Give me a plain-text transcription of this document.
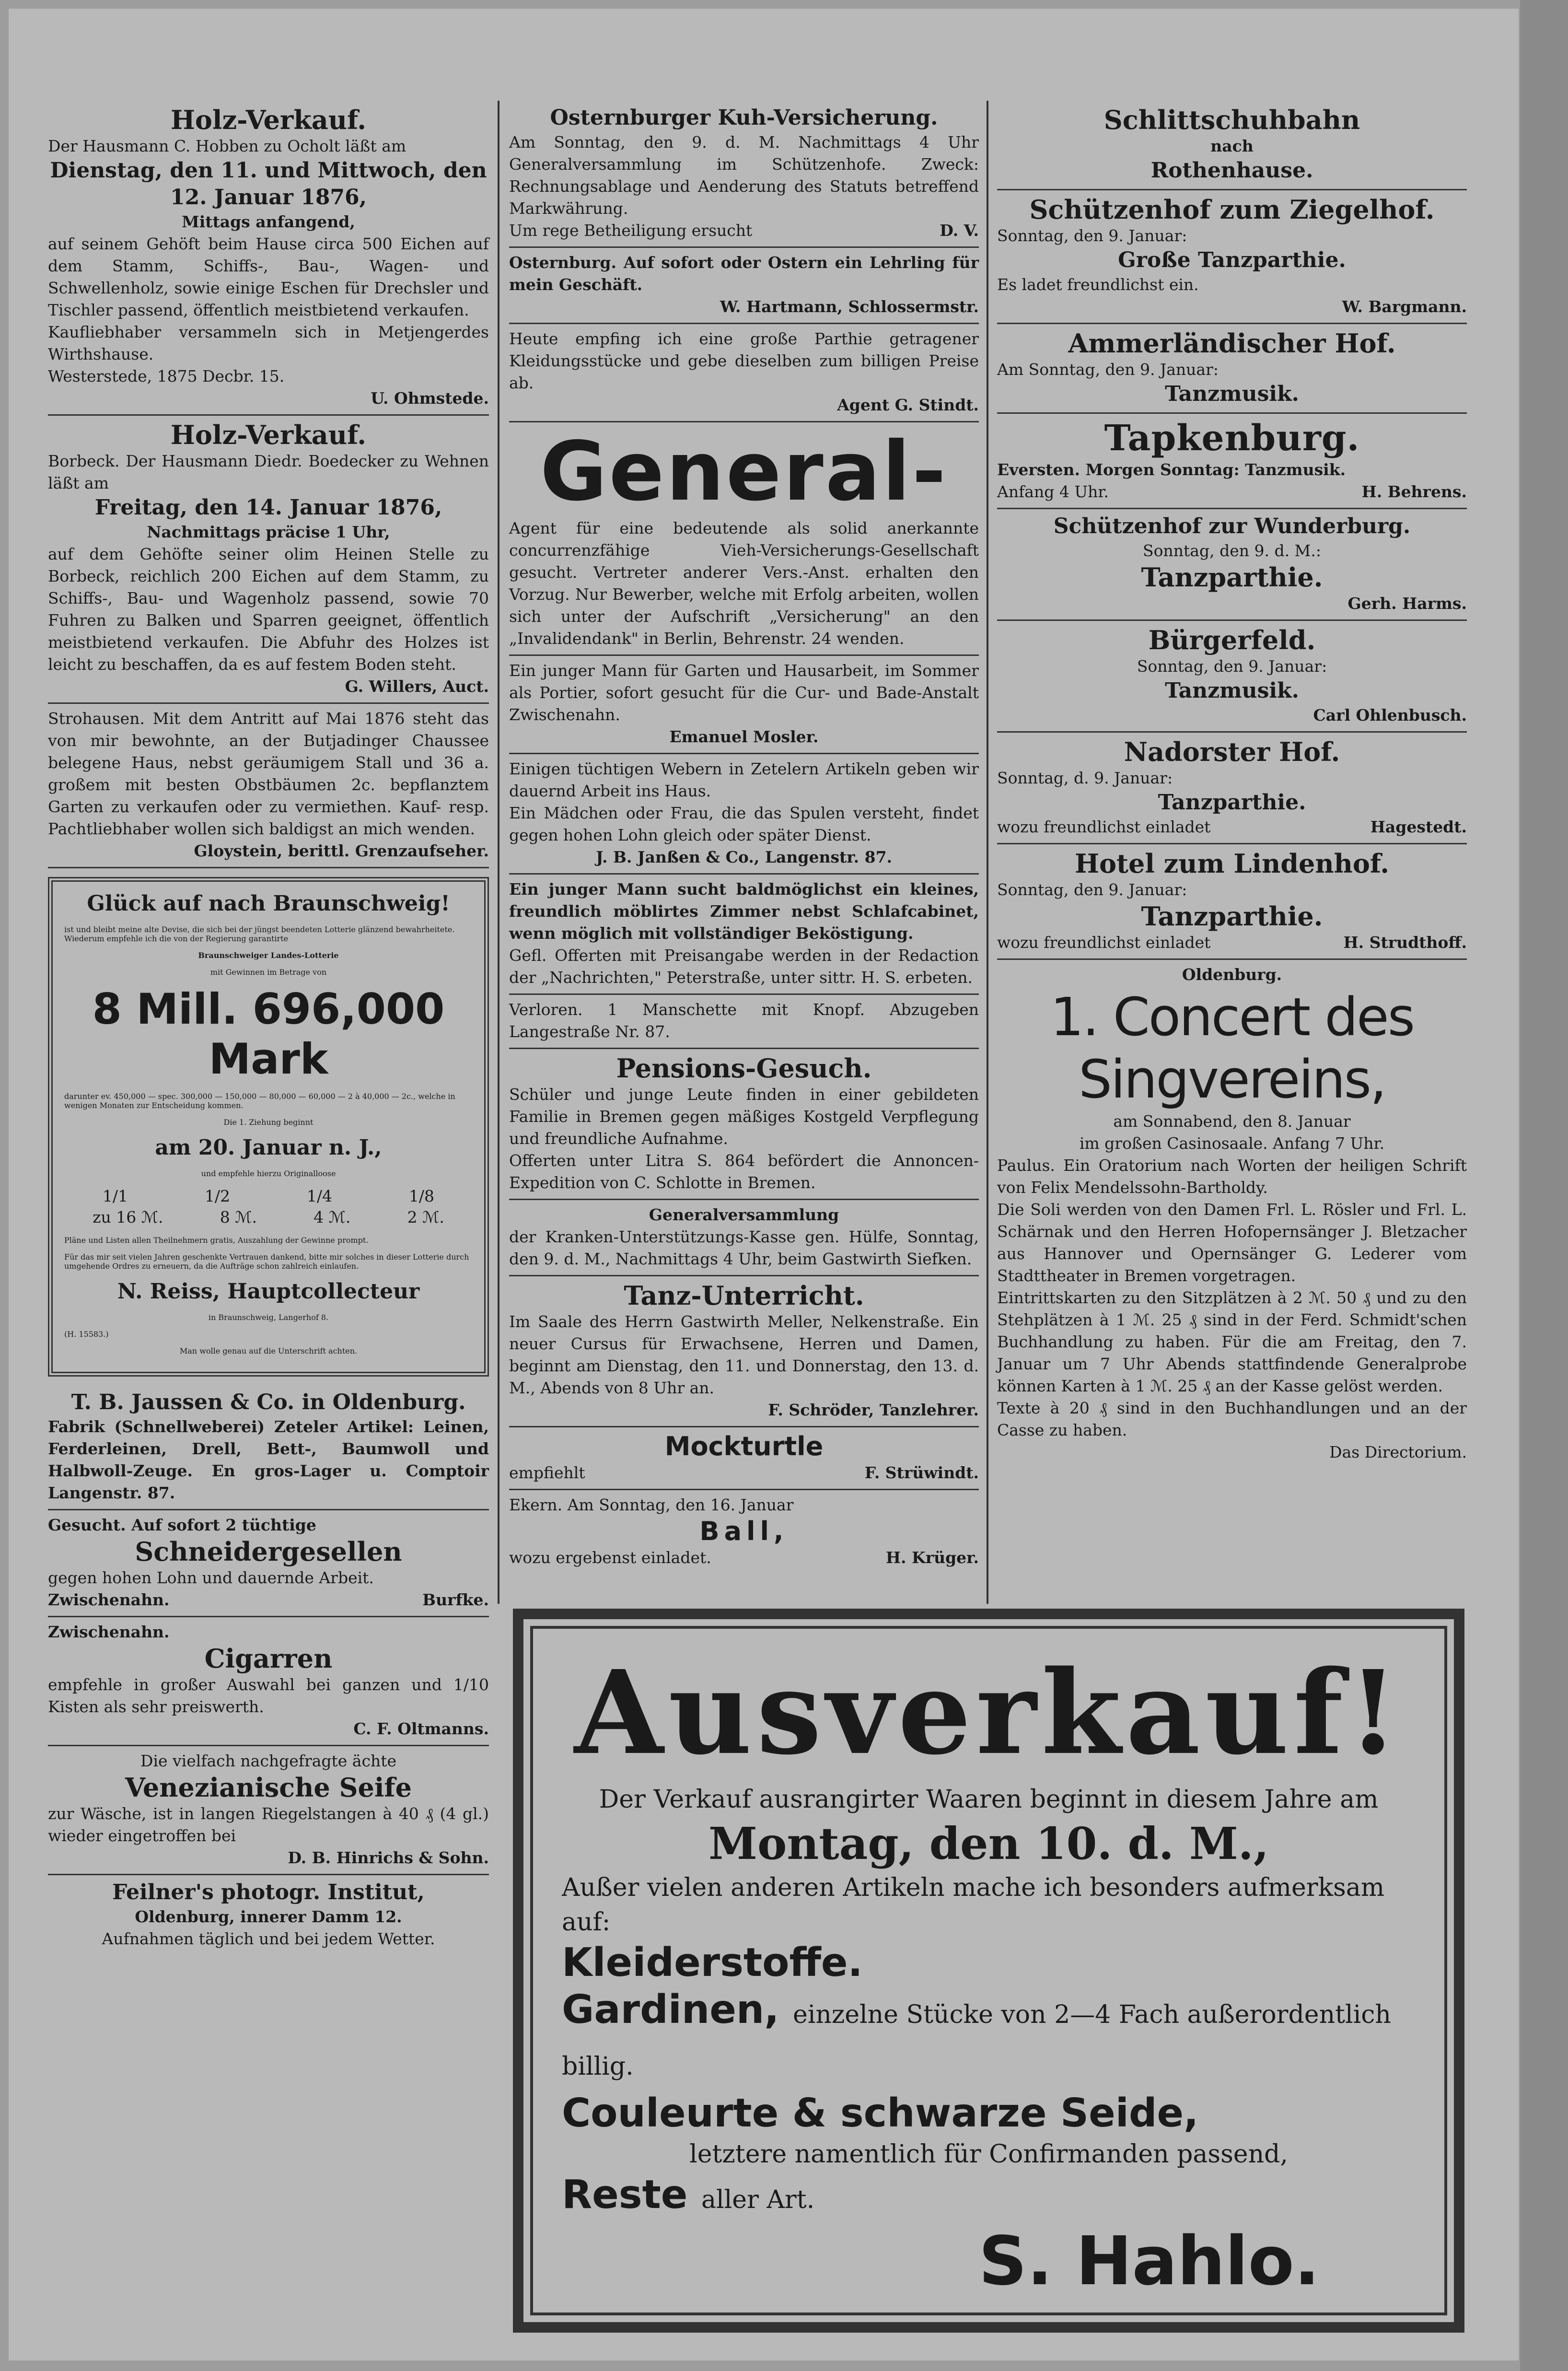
Holz-Verkauf.

Der Hausmann C. Hobben zu Ocholt läßt am

Dienstag, den 11. und Mittwoch, den
12. Januar 1876,

Mittags anfangend,

auf seinem Gehöft beim Hause circa 500 Eichen auf dem Stamm, Schiffs-, Bau-, Wagen- und Schwellenholz, sowie einige Eschen für Drechsler und Tischler passend, öffentlich meistbietend verkaufen.

Kaufliebhaber versammeln sich in Metjengerdes Wirthshause.

Westerstede, 1875 Decbr. 15.

U. Ohmstede.

Holz-Verkauf.

Borbeck. Der Hausmann Diedr. Boedecker zu Wehnen läßt am

Freitag, den 14. Januar 1876,

Nachmittags präcise 1 Uhr,

auf dem Gehöfte seiner olim Heinen Stelle zu Borbeck, reichlich 200 Eichen auf dem Stamm, zu Schiffs-, Bau- und Wagenholz passend, sowie 70 Fuhren zu Balken und Sparren geeignet, öffentlich meistbietend verkaufen. Die Abfuhr des Holzes ist leicht zu beschaffen, da es auf festem Boden steht.

G. Willers, Auct.

Strohausen. Mit dem Antritt auf Mai 1876 steht das von mir bewohnte, an der Butjadinger Chaussee belegene Haus, nebst geräumigem Stall und 36 a. großem mit besten Obstbäumen 2c. bepflanztem Garten zu verkaufen oder zu vermiethen. Kauf- resp. Pachtliebhaber wollen sich baldigst an mich wenden.

Gloystein, berittl. Grenzaufseher.

Glück auf nach Braunschweig!

ist und bleibt meine alte Devise, die sich bei der jüngst beendeten Lotterie glänzend bewahrheitete. Wiederum empfehle ich die von der Regierung garantirte

Braunschweiger Landes-Lotterie

mit Gewinnen im Betrage von

8 Mill. 696,000 Mark

darunter ev. 450,000 — spec. 300,000 — 150,000 — 80,000 — 60,000 — 2 à 40,000 — 2c., welche in wenigen Monaten zur Entscheidung kommen.

Die 1. Ziehung beginnt

am 20. Januar n. J.,

und empfehle hierzu Originalloose

1/1	1/2	1/4	1/8
zu 16 ℳ.	8 ℳ.	4 ℳ.	2 ℳ.

Pläne und Listen allen Theilnehmern gratis, Auszahlung der Gewinne prompt.

Für das mir seit vielen Jahren geschenkte Vertrauen dankend, bitte mir solches in dieser Lotterie durch umgehende Ordres zu erneuern, da die Aufträge schon zahlreich einlaufen.

N. Reiss, Hauptcollecteur

in Braunschweig, Langerhof 8.

(H. 15583.)

Man wolle genau auf die Unterschrift achten.

T. B. Jaussen & Co. in Oldenburg.

Fabrik (Schnellweberei) Zeteler Artikel: Leinen, Ferderleinen, Drell, Bett-, Baumwoll und Halbwoll-Zeuge. En gros-Lager u. Comptoir Langenstr. 87.

Gesucht. Auf sofort 2 tüchtige

Schneidergesellen

gegen hohen Lohn und dauernde Arbeit.

Zwischenahn.	Burfke.

Zwischenahn.

Cigarren

empfehle in großer Auswahl bei ganzen und 1/10 Kisten als sehr preiswerth.

C. F. Oltmanns.

Die vielfach nachgefragte ächte

Venezianische Seife

zur Wäsche, ist in langen Riegelstangen à 40 ₰ (4 gl.) wieder eingetroffen bei

D. B. Hinrichs & Sohn.

Feilner's photogr. Institut,

Oldenburg, innerer Damm 12.

Aufnahmen täglich und bei jedem Wetter.

Osternburger Kuh-Versicherung.

Am Sonntag, den 9. d. M. Nachmittags 4 Uhr Generalversammlung im Schützenhofe. Zweck: Rechnungsablage und Aenderung des Statuts betreffend Markwährung.

Um rege Betheiligung ersucht	D. V.

Osternburg. Auf sofort oder Ostern ein Lehrling für mein Geschäft.

W. Hartmann, Schlossermstr.

Heute empfing ich eine große Parthie getragener Kleidungsstücke und gebe dieselben zum billigen Preise ab.

Agent G. Stindt.

General-

Agent für eine bedeutende als solid anerkannte concurrenzfähige Vieh-Versicherungs-Gesellschaft gesucht. Vertreter anderer Vers.-Anst. erhalten den Vorzug. Nur Bewerber, welche mit Erfolg arbeiten, wollen sich unter der Aufschrift „Versicherung" an den „Invalidendank" in Berlin, Behrenstr. 24 wenden.

Ein junger Mann für Garten und Hausarbeit, im Sommer als Portier, sofort gesucht für die Cur- und Bade-Anstalt Zwischenahn.

Emanuel Mosler.

Einigen tüchtigen Webern in Zetelern Artikeln geben wir dauernd Arbeit ins Haus.

Ein Mädchen oder Frau, die das Spulen versteht, findet gegen hohen Lohn gleich oder später Dienst.

J. B. Janßen & Co., Langenstr. 87.

Ein junger Mann sucht baldmöglichst ein kleines, freundlich möblirtes Zimmer nebst Schlafcabinet, wenn möglich mit vollständiger Beköstigung.

Gefl. Offerten mit Preisangabe werden in der Redaction der „Nachrichten," Peterstraße, unter sittr. H. S. erbeten.

Verloren. 1 Manschette mit Knopf. Abzugeben Langestraße Nr. 87.

Pensions-Gesuch.

Schüler und junge Leute finden in einer gebildeten Familie in Bremen gegen mäßiges Kostgeld Verpflegung und freundliche Aufnahme.

Offerten unter Litra S. 864 befördert die Annoncen-Expedition von C. Schlotte in Bremen.

Generalversammlung

der Kranken-Unterstützungs-Kasse gen. Hülfe, Sonntag, den 9. d. M., Nachmittags 4 Uhr, beim Gastwirth Siefken.

Tanz-Unterricht.

Im Saale des Herrn Gastwirth Meller, Nelkenstraße. Ein neuer Cursus für Erwachsene, Herren und Damen, beginnt am Dienstag, den 11. und Donnerstag, den 13. d. M., Abends von 8 Uhr an.

F. Schröder, Tanzlehrer.

Mockturtle
empfiehlt	F. Strüwindt.

Ekern. Am Sonntag, den 16. Januar

Ball,
wozu ergebenst einladet.	H. Krüger.
Schlittschuhbahn

nach

Rothenhause.
Schützenhof zum Ziegelhof.

Sonntag, den 9. Januar:

Große Tanzparthie.

Es ladet freundlichst ein.

W. Bargmann.

Ammerländischer Hof.

Am Sonntag, den 9. Januar:

Tanzmusik.
Tapkenburg.

Eversten. Morgen Sonntag: Tanzmusik.

Anfang 4 Uhr.	H. Behrens.
Schützenhof zur Wunderburg.

Sonntag, den 9. d. M.:

Tanzparthie.

Gerh. Harms.

Bürgerfeld.

Sonntag, den 9. Januar:

Tanzmusik.

Carl Ohlenbusch.

Nadorster Hof.

Sonntag, d. 9. Januar:

Tanzparthie.
wozu freundlichst einladet	Hagestedt.
Hotel zum Lindenhof.

Sonntag, den 9. Januar:

Tanzparthie.
wozu freundlichst einladet	H. Strudthoff.

Oldenburg.

1. Concert des Singvereins,

am Sonnabend, den 8. Januar

im großen Casinosaale. Anfang 7 Uhr.

Paulus. Ein Oratorium nach Worten der heiligen Schrift von Felix Mendelssohn-Bartholdy.

Die Soli werden von den Damen Frl. L. Rösler und Frl. L. Schärnak und den Herren Hofopernsänger J. Bletzacher aus Hannover und Opernsänger G. Lederer vom Stadttheater in Bremen vorgetragen.

Eintrittskarten zu den Sitzplätzen à 2 ℳ. 50 ₰ und zu den Stehplätzen à 1 ℳ. 25 ₰ sind in der Ferd. Schmidt'schen Buchhandlung zu haben. Für die am Freitag, den 7. Januar um 7 Uhr Abends stattfindende Generalprobe können Karten à 1 ℳ. 25 ₰ an der Kasse gelöst werden.

Texte à 20 ₰ sind in den Buchhandlungen und an der Casse zu haben.

Das Directorium.

Ausverkauf!
Der Verkauf ausrangirter Waaren beginnt in diesem Jahre am
Montag, den 10. d. M.,
Außer vielen anderen Artikeln mache ich besonders aufmerksam auf:
Kleiderstoffe.
Gardinen, einzelne Stücke von 2—4 Fach außerordentlich billig.
Couleurte & schwarze Seide,
letztere namentlich für Confirmanden passend,
Reste aller Art.
S. Hahlo.
